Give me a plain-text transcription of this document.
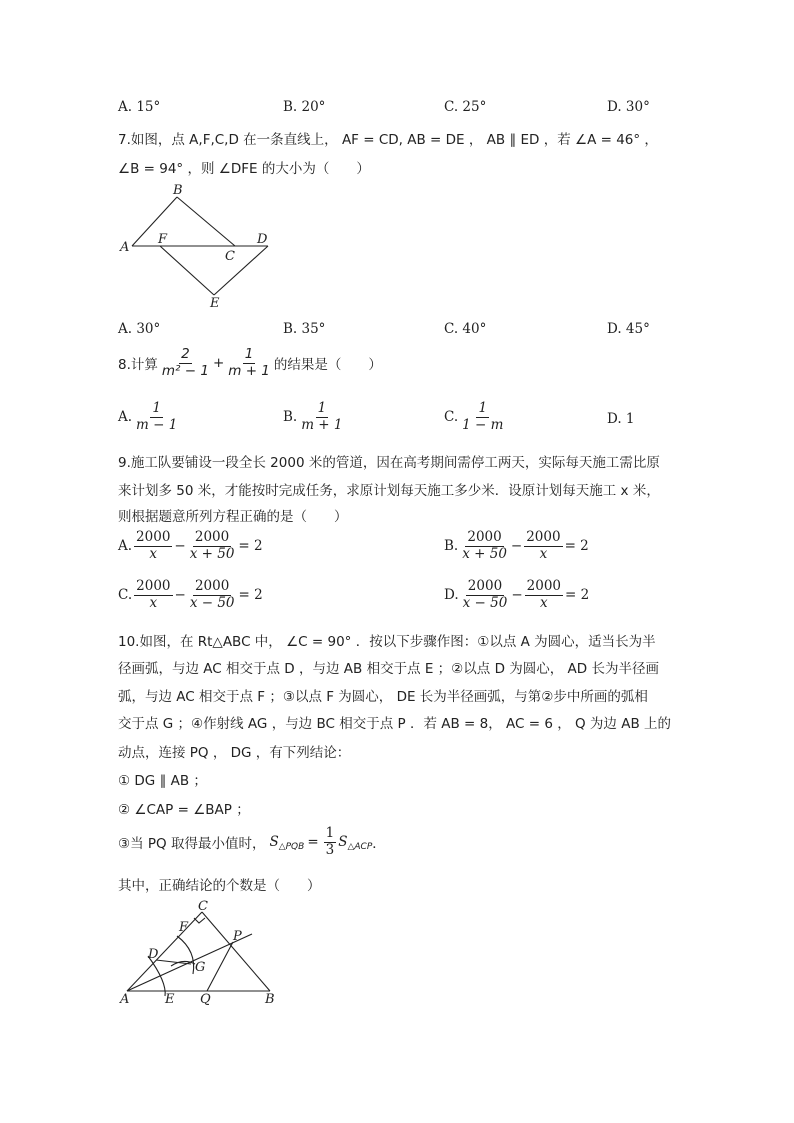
A. 15°	B. 20°	C. 25°	D. 30°
7.如图，点 A,F,C,D 在一条直线上， AF = CD, AB = DE ， AB ∥ ED ，若 ∠A = 46° ，
∠B = 94° ，则 ∠DFE 的大小为（　　）
A
B
F
C
D
E
A. 30°	B. 35°	C. 40°	D. 45°
8.计算 $\frac{2}{\text{m² − 1}} + \frac{1}{m + 1}$ 的结果是（　　）
A. $\frac{1}{m - 1}$	B. $\frac{1}{m + 1}$	C. $\frac{1}{1 - m}$	D. 1
9.施工队要铺设一段全长 2000 米的管道，因在高考期间需停工两天，实际每天施工需比原
来计划多 50 米，才能按时完成任务，求原计划每天施工多少米．设原计划每天施工 x 米，
则根据题意所列方程正确的是（　　）
A. $\frac{2000}{x} - \frac{2000}{x + 50} = 2$	B. $\frac{2000}{x + 50} - \frac{2000}{x} = 2$
C. $\frac{2000}{x} - \frac{2000}{x - 50} = 2$	D. $\frac{2000}{x - 50} - \frac{2000}{x} = 2$
10.如图，在 Rt△ABC 中， ∠C = 90° ．按以下步骤作图：①以点 A 为圆心，适当长为半
径画弧，与边 AC 相交于点 D ，与边 AB 相交于点 E ；②以点 D 为圆心， AD 长为半径画
弧，与边 AC 相交于点 F ；③以点 F 为圆心， DE 长为半径画弧，与第②步中所画的弧相
交于点 G ；④作射线 AG ，与边 BC 相交于点 P ．若 AB = 8， AC = 6 ， Q 为边 AB 上的
动点，连接 PQ ， DG ，有下列结论：
① DG ∥ AB ；
② ∠CAP = ∠BAP ；
③当 PQ 取得最小值时， S △PQB = $\frac{1}{3}$ S △ACP ．
其中，正确结论的个数是（　　）
C
F
D
G
P
A	E Q	B
